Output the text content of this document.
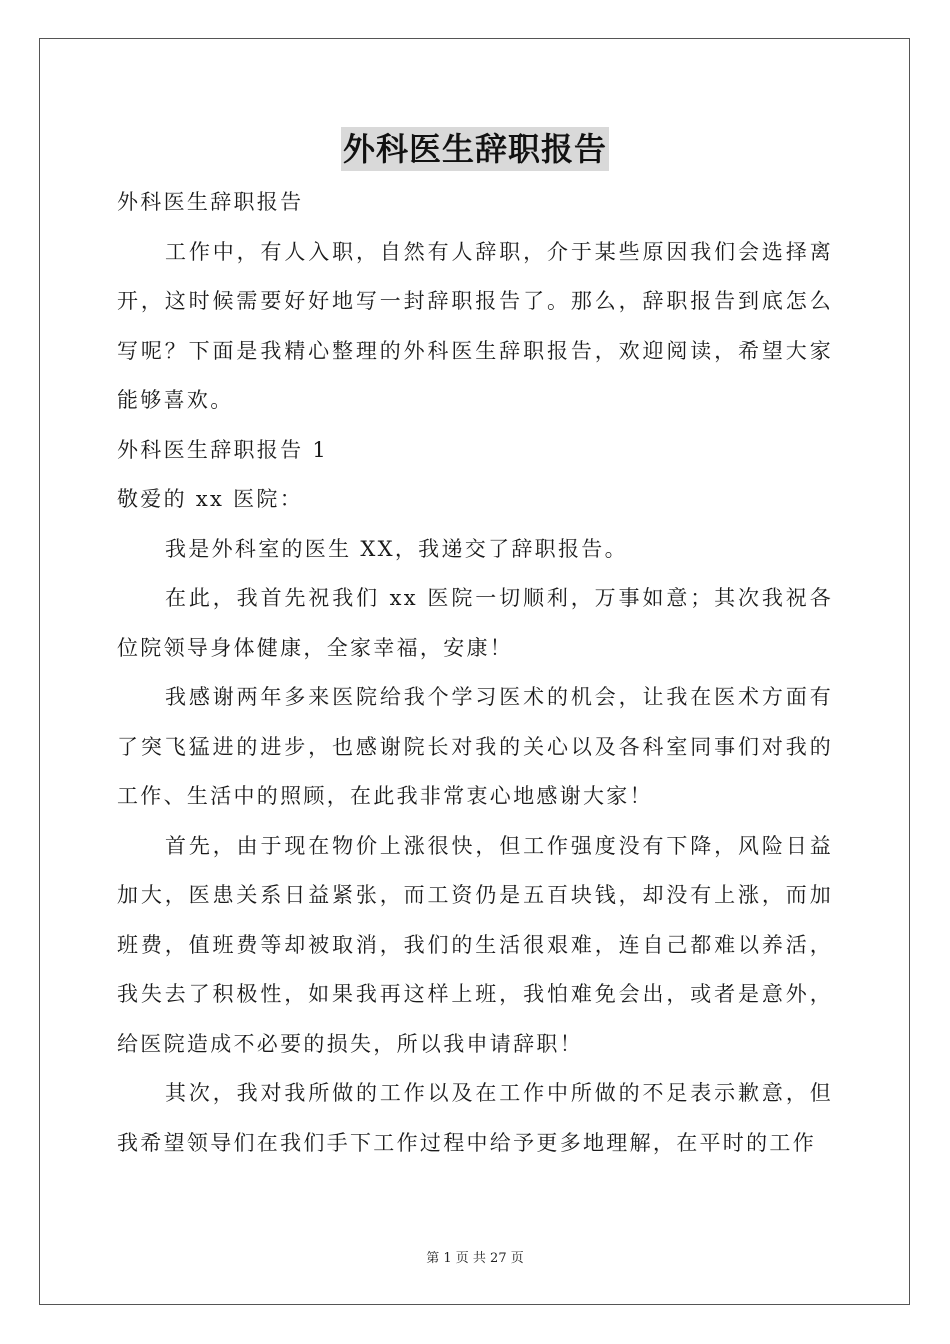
外科医生辞职报告

外科医生辞职报告

工作中，有人入职，自然有人辞职，介于某些原因我们会选择离开，这时候需要好好地写一封辞职报告了。那么，辞职报告到底怎么写呢？下面是我精心整理的外科医生辞职报告，欢迎阅读，希望大家能够喜欢。

外科医生辞职报告 1

敬爱的 xx 医院：

我是外科室的医生 XX，我递交了辞职报告。

在此，我首先祝我们 xx 医院一切顺利，万事如意；其次我祝各位院领导身体健康，全家幸福，安康！

我感谢两年多来医院给我个学习医术的机会，让我在医术方面有了突飞猛进的进步，也感谢院长对我的关心以及各科室同事们对我的工作、生活中的照顾，在此我非常衷心地感谢大家！

首先，由于现在物价上涨很快，但工作强度没有下降，风险日益加大，医患关系日益紧张，而工资仍是五百块钱，却没有上涨，而加班费，值班费等却被取消，我们的生活很艰难，连自己都难以养活，我失去了积极性，如果我再这样上班，我怕难免会出，或者是意外，给医院造成不必要的损失，所以我申请辞职！

其次，我对我所做的工作以及在工作中所做的不足表示歉意，但我希望领导们在我们手下工作过程中给予更多地理解，在平时的工作

第 1 页 共 27 页
